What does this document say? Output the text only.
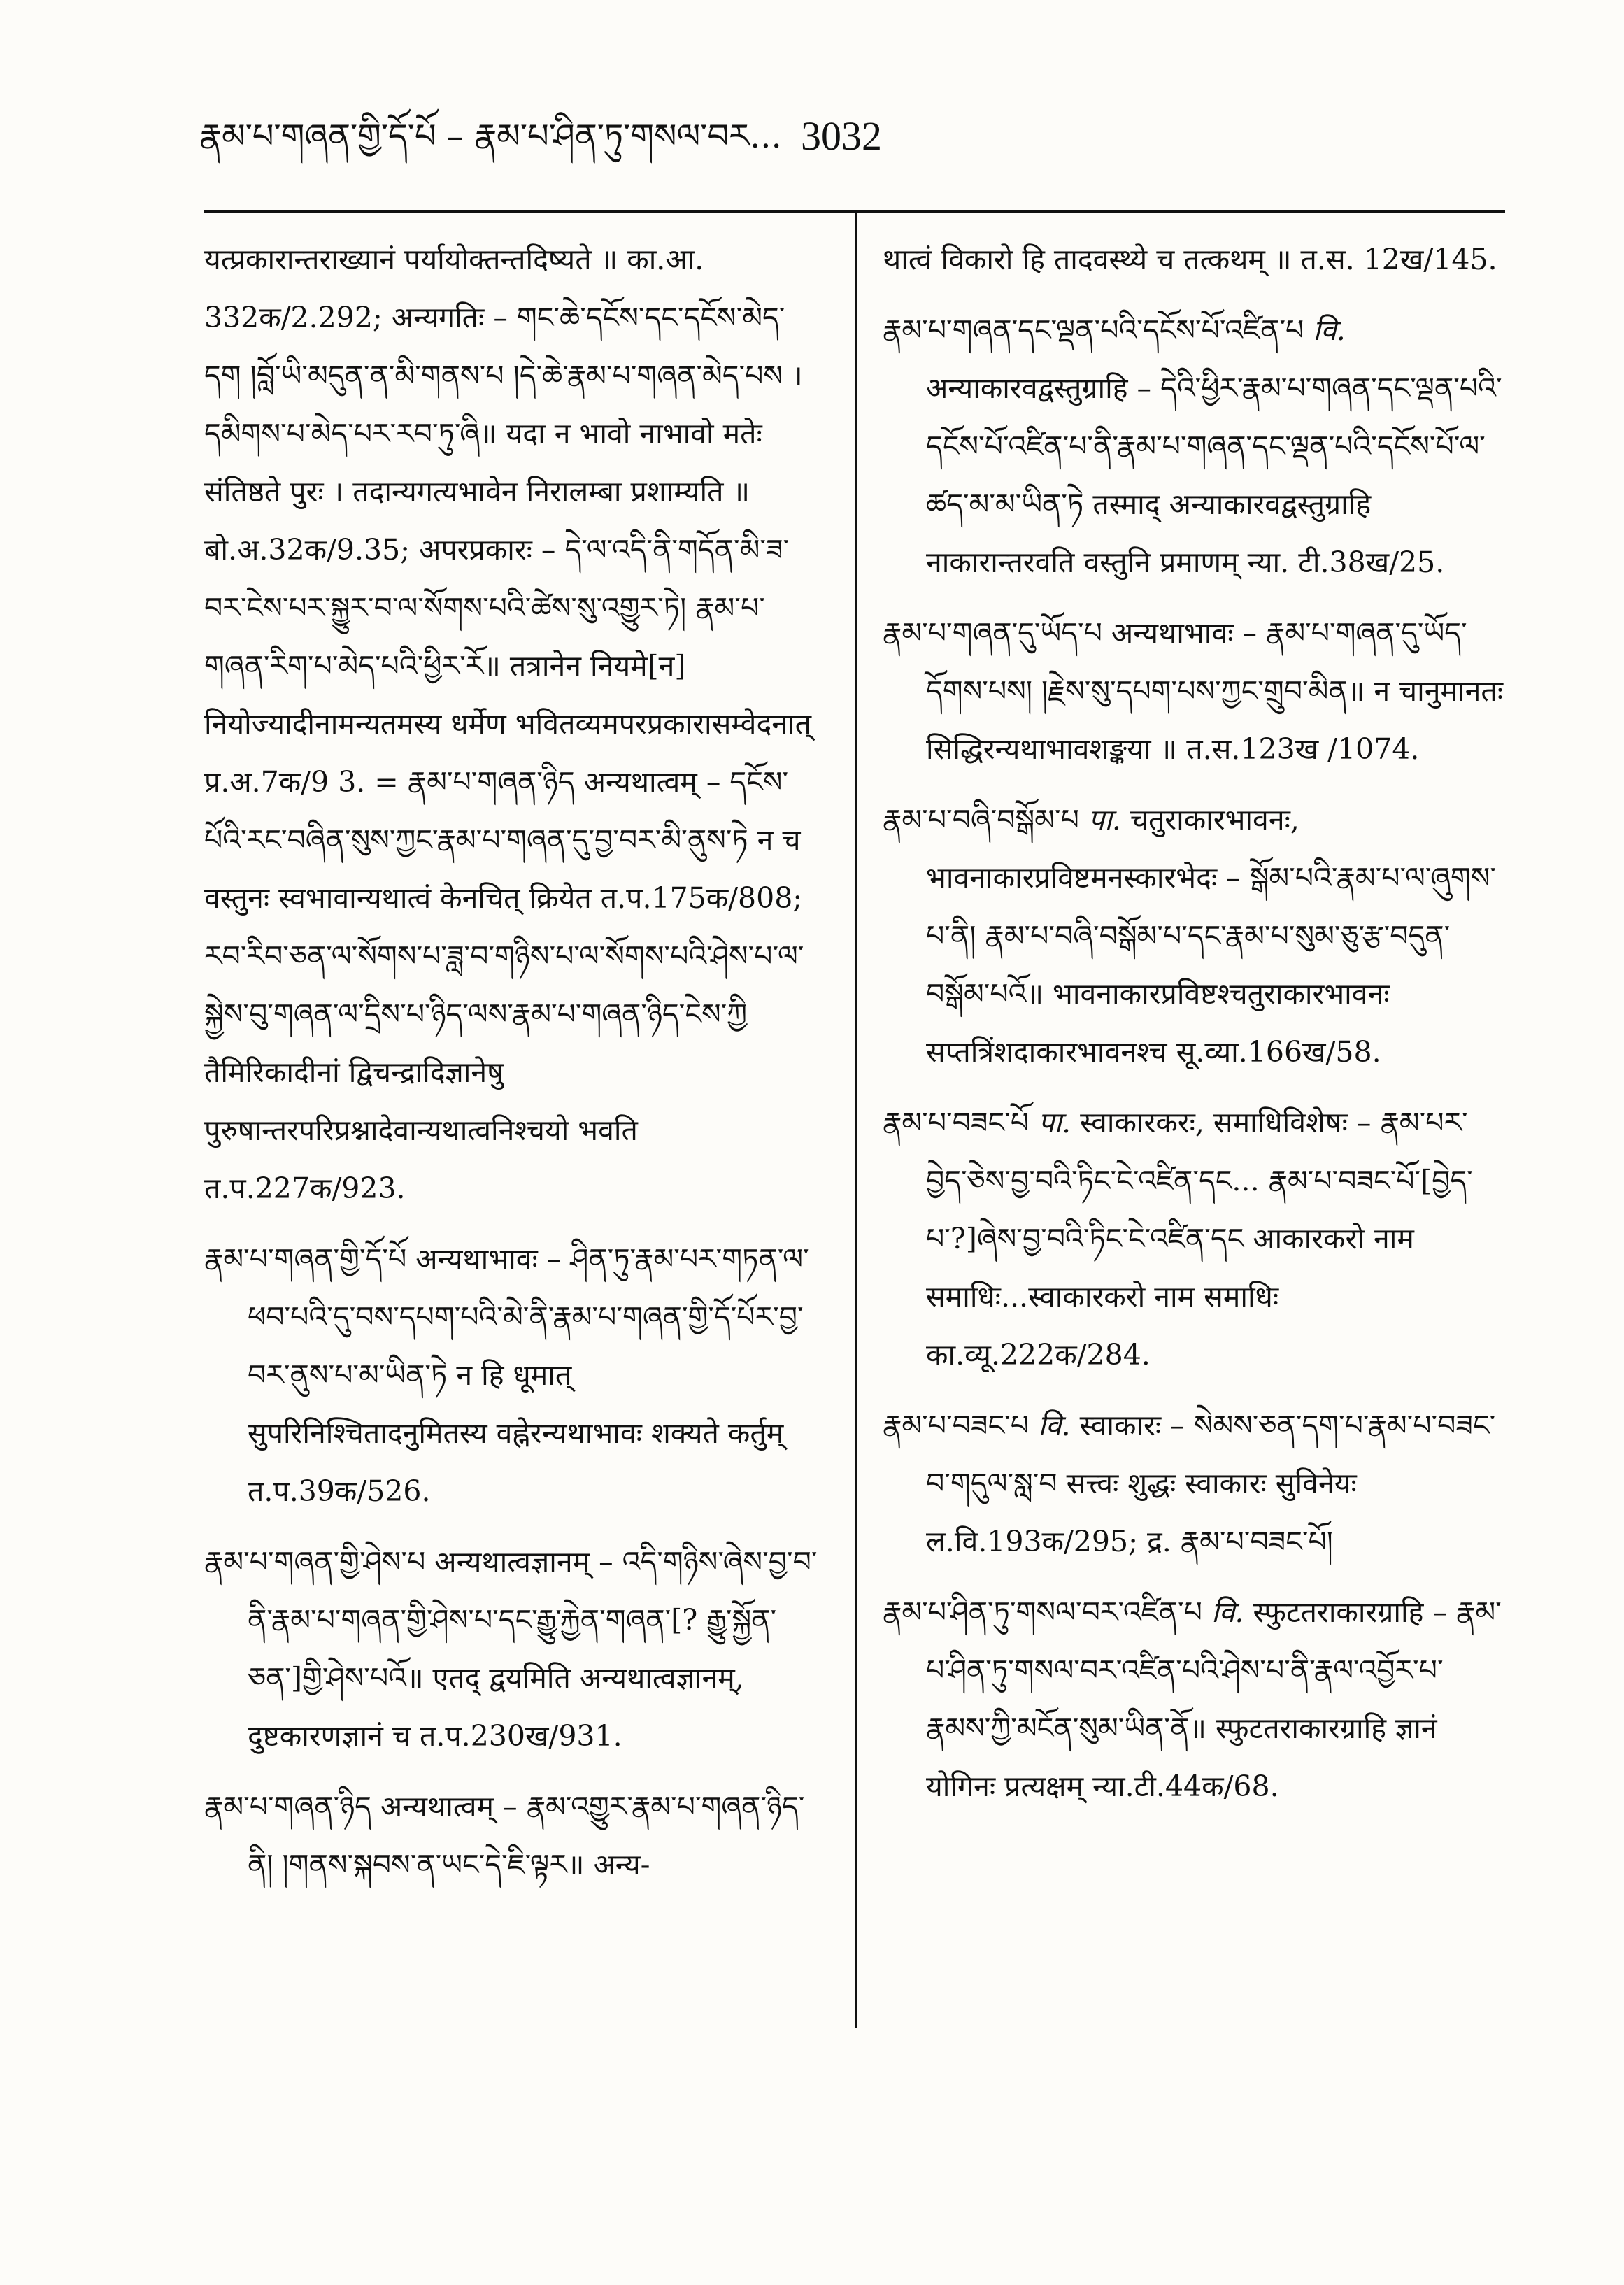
རྣམ་པ་གཞན་གྱི་དོ་པོ – རྣམ་པ་ཤིན་ཏུ་གསལ་བར... 3032

यत्प्रकारान्तराख्यानं पर्यायोक्तन्तदिष्यते ॥ का.आ. 332क/2.292; अन्यगतिः – གང་ཆེ་དངོས་དང་དངོས་མེད་དག །བློ་ཡི་མདུན་ན་མི་གནས་པ །དེ་ཆེ་རྣམ་པ་གཞན་མེད་པས ।དམིགས་པ་མེད་པར་རབ་ཏུ་ཞི॥ यदा न भावो नाभावो मतेः संतिष्ठते पुरः । तदान्यगत्यभावेन निरालम्बा प्रशाम्यति ॥ बो.अ.32क/9.35; अपरप्रकारः – དེ་ལ་འདི་ནི་གདོན་མི་ཟ་བར་ངེས་པར་སྐྱུར་བ་ལ་སོགས་པའི་ཚེས་སུ་འགྱུར་ཏེ། རྣམ་པ་གཞན་རིག་པ་མེད་པའི་ཕྱིར་རོ॥ तत्रानेन नियमे[न] नियोज्यादीनामन्यतमस्य धर्मेण भवितव्यमपरप्रकारासम्वेदनात् प्र.अ.7क/9 3. = རྣམ་པ་གཞན་ཉིད अन्यथात्वम् – དངོས་པོའི་རང་བཞིན་སུས་ཀྱང་རྣམ་པ་གཞན་དུ་བྱ་བར་མི་ནུས་ཏེ न च वस्तुनः स्वभावान्यथात्वं केनचित् क्रियेत त.प.175क/808; རབ་རིབ་ཅན་ལ་སོགས་པ་ཟླ་བ་གཉིས་པ་ལ་སོགས་པའི་ཤེས་པ་ལ་སྐྱེས་བུ་གཞན་ལ་དྲིས་པ་ཉིད་ལས་རྣམ་པ་གཞན་ཉིད་ངེས་ཀྱི तैमिरिकादीनां द्विचन्द्रादिज्ञानेषु पुरुषान्तरपरिप्रश्नादेवान्यथात्वनिश्चयो भवति त.प.227क/923.

རྣམ་པ་གཞན་གྱི་དོ་པོ अन्यथाभावः – ཤིན་ཏུ་རྣམ་པར་གཏན་ལ་ཕབ་པའི་དུ་བས་དཔག་པའི་མེ་ནི་རྣམ་པ་གཞན་གྱི་དོ་པོར་བྱ་བར་ནུས་པ་མ་ཡིན་ཏེ न हि धूमात् सुपरिनिश्चितादनुमितस्य वह्नेरन्यथाभावः शक्यते कर्तुम् त.प.39क/526.

རྣམ་པ་གཞན་གྱི་ཤེས་པ अन्यथात्वज्ञानम् – འདི་གཉིས་ཞེས་བྱ་བ་ནི་རྣམ་པ་གཞན་གྱི་ཤེས་པ་དང་རྒྱུ་རྐྱེན་གཞན་[? རྒྱུ་སྐྱོན་ཅན་]གྱི་ཤེས་པའོ॥ एतद् द्वयमिति अन्यथात्वज्ञानम्, दुष्टकारणज्ञानं च त.प.230ख/931.

རྣམ་པ་གཞན་ཉིད अन्यथात्वम् – རྣམ་འགྱུར་རྣམ་པ་གཞན་ཉིད་ནི། །གནས་སྐབས་ན་ཡང་དེ་ཇི་ལྟར॥ अन्य-

थात्वं विकारो हि तादवस्थ्ये च तत्कथम् ॥ त.स. 12ख/145.

རྣམ་པ་གཞན་དང་ལྡན་པའི་དངོས་པོ་འཛིན་པ वि. अन्याकारवद्वस्तुग्राहि – དེའི་ཕྱིར་རྣམ་པ་གཞན་དང་ལྡན་པའི་དངོས་པོ་འཛིན་པ་ནི་རྣམ་པ་གཞན་དང་ལྡན་པའི་དངོས་པོ་ལ་ཚད་མ་མ་ཡིན་ཏེ तस्माद् अन्याकारवद्वस्तुग्राहि नाकारान्तरवति वस्तुनि प्रमाणम् न्या. टी.38ख/25.

རྣམ་པ་གཞན་དུ་ཡོད་པ अन्यथाभावः – རྣམ་པ་གཞན་དུ་ཡོད་དོགས་པས། །རྗེས་སུ་དཔག་པས་ཀྱང་གྲུབ་མིན॥ न चानुमानतः सिद्धिरन्यथाभावशङ्कया ॥ त.स.123ख /1074.

རྣམ་པ་བཞི་བསྒོམ་པ पा. चतुराकारभावनः, भावनाकारप्रविष्टमनस्कारभेदः – སྒོམ་པའི་རྣམ་པ་ལ་ཞུགས་པ་ནི། རྣམ་པ་བཞི་བསྒོམ་པ་དང་རྣམ་པ་སུམ་ཅུ་རྩ་བདུན་བསྒོམ་པའོ॥ भावनाकारप्रविष्टश्चतुराकारभावनः सप्तत्रिंशदाकारभावनश्च सू.व्या.166ख/58.

རྣམ་པ་བཟང་པོ पा. स्वाकारकरः, समाधिविशेषः – རྣམ་པར་བྱེད་ཅེས་བྱ་བའི་ཏིང་ངེ་འཛིན་དང... རྣམ་པ་བཟང་པོ་[བྱེད་པ་?]ཞེས་བྱ་བའི་ཏིང་ངེ་འཛིན་དང आकारकरो नाम समाधिः...स्वाकारकरो नाम समाधिः का.व्यू.222क/284.

རྣམ་པ་བཟང་པ वि. स्वाकारः – སེམས་ཅན་དག་པ་རྣམ་པ་བཟང་བ་གདུལ་སླ་བ सत्त्वः शुद्धः स्वाकारः सुविनेयः ल.वि.193क/295; द्र. རྣམ་པ་བཟང་པོ།

རྣམ་པ་ཤིན་ཏུ་གསལ་བར་འཛིན་པ वि. स्फुटतराकारग्राहि – རྣམ་པ་ཤིན་ཏུ་གསལ་བར་འཛིན་པའི་ཤེས་པ་ནི་རྣལ་འབྱོར་པ་རྣམས་ཀྱི་མངོན་སུམ་ཡིན་ནོ॥ स्फुटतराकारग्राहि ज्ञानं योगिनः प्रत्यक्षम् न्या.टी.44क/68.
